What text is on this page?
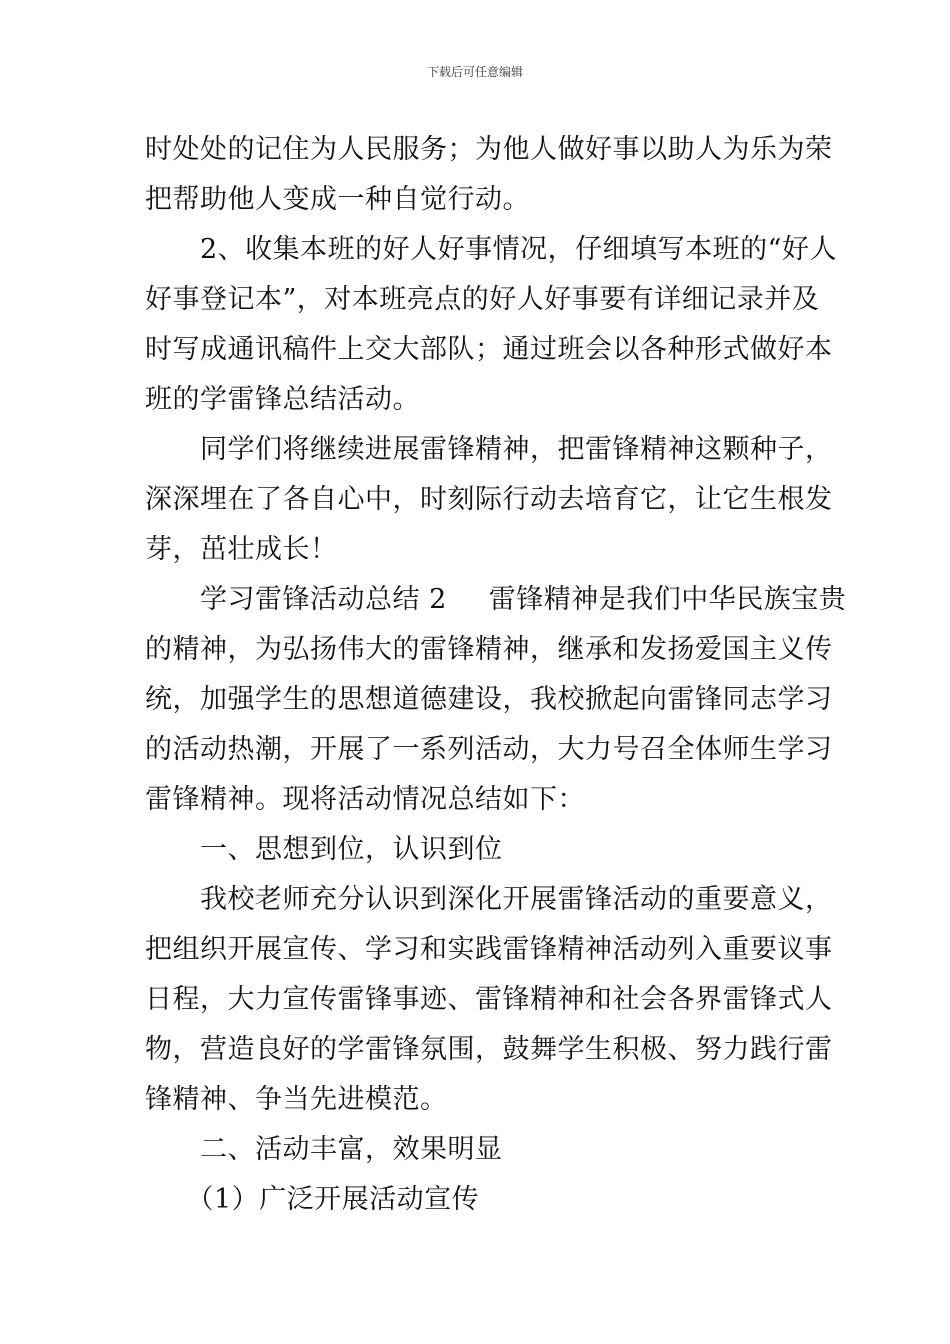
下载后可任意编辑
时处处的记住为人民服务；为他人做好事以助人为乐为荣
把帮助他人变成一种自觉行动。
　　2、收集本班的好人好事情况，仔细填写本班的“好人
好事登记本”，对本班亮点的好人好事要有详细记录并及
时写成通讯稿件上交大部队；通过班会以各种形式做好本
班的学雷锋总结活动。
　　同学们将继续进展雷锋精神，把雷锋精神这颗种子，
深深埋在了各自心中，时刻际行动去培育它，让它生根发
芽，茁壮成长！
　　学习雷锋活动总结 2 雷锋精神是我们中华民族宝贵
的精神，为弘扬伟大的雷锋精神，继承和发扬爱国主义传
统，加强学生的思想道德建设，我校掀起向雷锋同志学习
的活动热潮，开展了一系列活动，大力号召全体师生学习
雷锋精神。现将活动情况总结如下：
　　一、思想到位，认识到位
　　我校老师充分认识到深化开展雷锋活动的重要意义，
把组织开展宣传、学习和实践雷锋精神活动列入重要议事
日程，大力宣传雷锋事迹、雷锋精神和社会各界雷锋式人
物，营造良好的学雷锋氛围，鼓舞学生积极、努力践行雷
锋精神、争当先进模范。
　　二、活动丰富，效果明显
　　（1）广泛开展活动宣传
